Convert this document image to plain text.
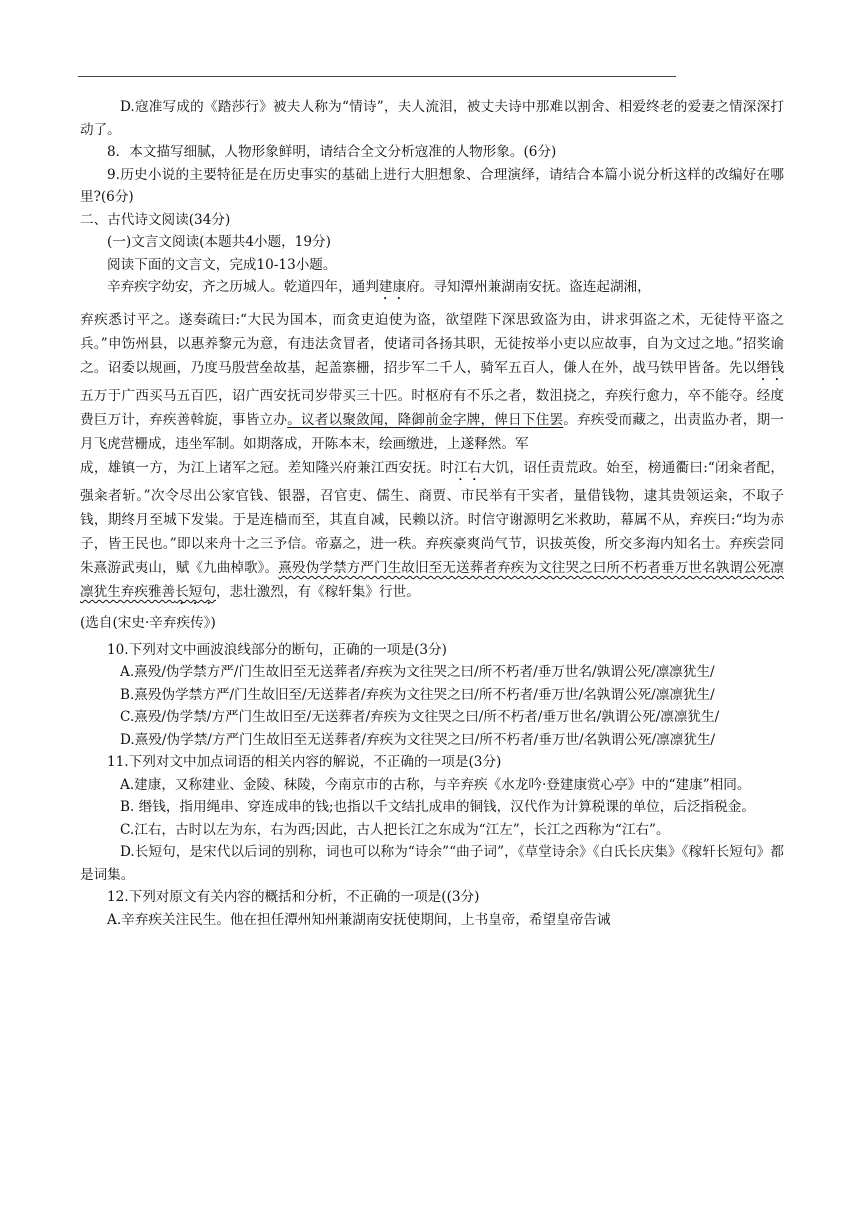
D.寇准写成的《踏莎行》被夫人称为“情诗”，夫人流泪，被丈夫诗中那难以割舍、相爱终老的爱妻之情深深打动了。

8．本文描写细腻，人物形象鲜明，请结合全文分析寇准的人物形象。(6分)

9.历史小说的主要特征是在历史事实的基础上进行大胆想象、合理演绎，请结合本篇小说分析这样的改编好在哪里?(6分)

二、古代诗文阅读(34分)

(一)文言文阅读(本题共4小题，19分)

阅读下面的文言文，完成10-13小题。

辛弃疾字幼安，齐之历城人。乾道四年，通判建康府。寻知潭州兼湖南安抚。盗连起湖湘，

弃疾悉讨平之。遂奏疏曰:“大民为国本，而贪吏迫使为盗，欲望陛下深思致盗为由，讲求弭盗之术，无徒恃平盗之兵。”申饬州县，以惠养黎元为意，有违法贪冒者，使诸司各扬其职，无徒按举小吏以应故事，自为文过之地。”招奖谕之。诏委以规画，乃度马殷营垒故基，起盖寨栅，招步军二千人，骑军五百人，傔人在外，战马铁甲皆备。先以缗钱五万于广西买马五百匹，诏广西安抚司岁带买三十匹。时枢府有不乐之者，数沮挠之，弃疾行愈力，卒不能夺。经度费巨万计，弃疾善斡旋，事皆立办。议者以聚敛闻，降御前金字牌，俾日下住罢。弃疾受而藏之，出责监办者，期一月飞虎营栅成，违坐军制。如期落成，开陈本末，绘画缴进，上遂释然。军

成，雄镇一方，为江上诸军之冠。差知隆兴府兼江西安抚。时江右大饥，诏任责荒政。始至，榜通衢曰:“闭籴者配，强籴者斩。”次令尽出公家官钱、银器，召官吏、儒生、商贾、市民举有干实者，量借钱物，逮其贵领运籴，不取子钱，期终月至城下发粜。于是连樯而至，其直自减，民赖以济。时信守谢源明乞米救助，幕属不从，弃疾曰:“均为赤子，皆王民也。”即以来舟十之三予信。帝嘉之，进一秩。弃疾豪爽尚气节，识拔英俊，所交多海内知名士。弃疾尝同朱熹游武夷山，赋《九曲棹歌》。熹殁伪学禁方严门生故旧至无送葬者弃疾为文往哭之曰所不朽者垂万世名孰谓公死凛凛犹生弃疾雅善长短句，悲壮激烈，有《稼轩集》行世。

(选自(宋史·辛弃疾传》)

10.下列对文中画波浪线部分的断句，正确的一项是(3分)

A.熹殁/伪学禁方严/门生故旧至无送葬者/弃疾为文往哭之曰/所不朽者/垂万世名/孰谓公死/凛凛犹生/

B.熹殁伪学禁方严/门生故旧至/无送葬者/弃疾为文往哭之曰/所不朽者/垂万世/名孰谓公死/凛凛犹生/

C.熹殁/伪学禁/方严门生故旧至/无送葬者/弃疾为文往哭之曰/所不朽者/垂万世名/孰谓公死/凛凛犹生/

D.熹殁/伪学禁/方严门生故旧至无送葬者/弃疾为文往哭之曰/所不朽者/垂万世/名孰谓公死/凛凛犹生/

11.下列对文中加点词语的相关内容的解说，不正确的一项是(3分)

A.建康，又称建业、金陵、秣陵，今南京市的古称，与辛弃疾《水龙吟·登建康赏心亭》中的“建康”相同。

B. 缗钱，指用绳串、穿连成串的钱;也指以千文结扎成串的铜钱，汉代作为计算税课的单位，后泛指税金。

C.江右，古时以左为东，右为西;因此，古人把长江之东成为“江左”，长江之西称为“江右”。

D.长短句，是宋代以后词的别称，词也可以称为“诗余”“曲子词”，《草堂诗余》《白氏长庆集》《稼轩长短句》都是词集。

12.下列对原文有关内容的概括和分析，不正确的一项是((3分)

A.辛弃疾关注民生。他在担任潭州知州兼湖南安抚使期间，上书皇帝，希望皇帝告诫
